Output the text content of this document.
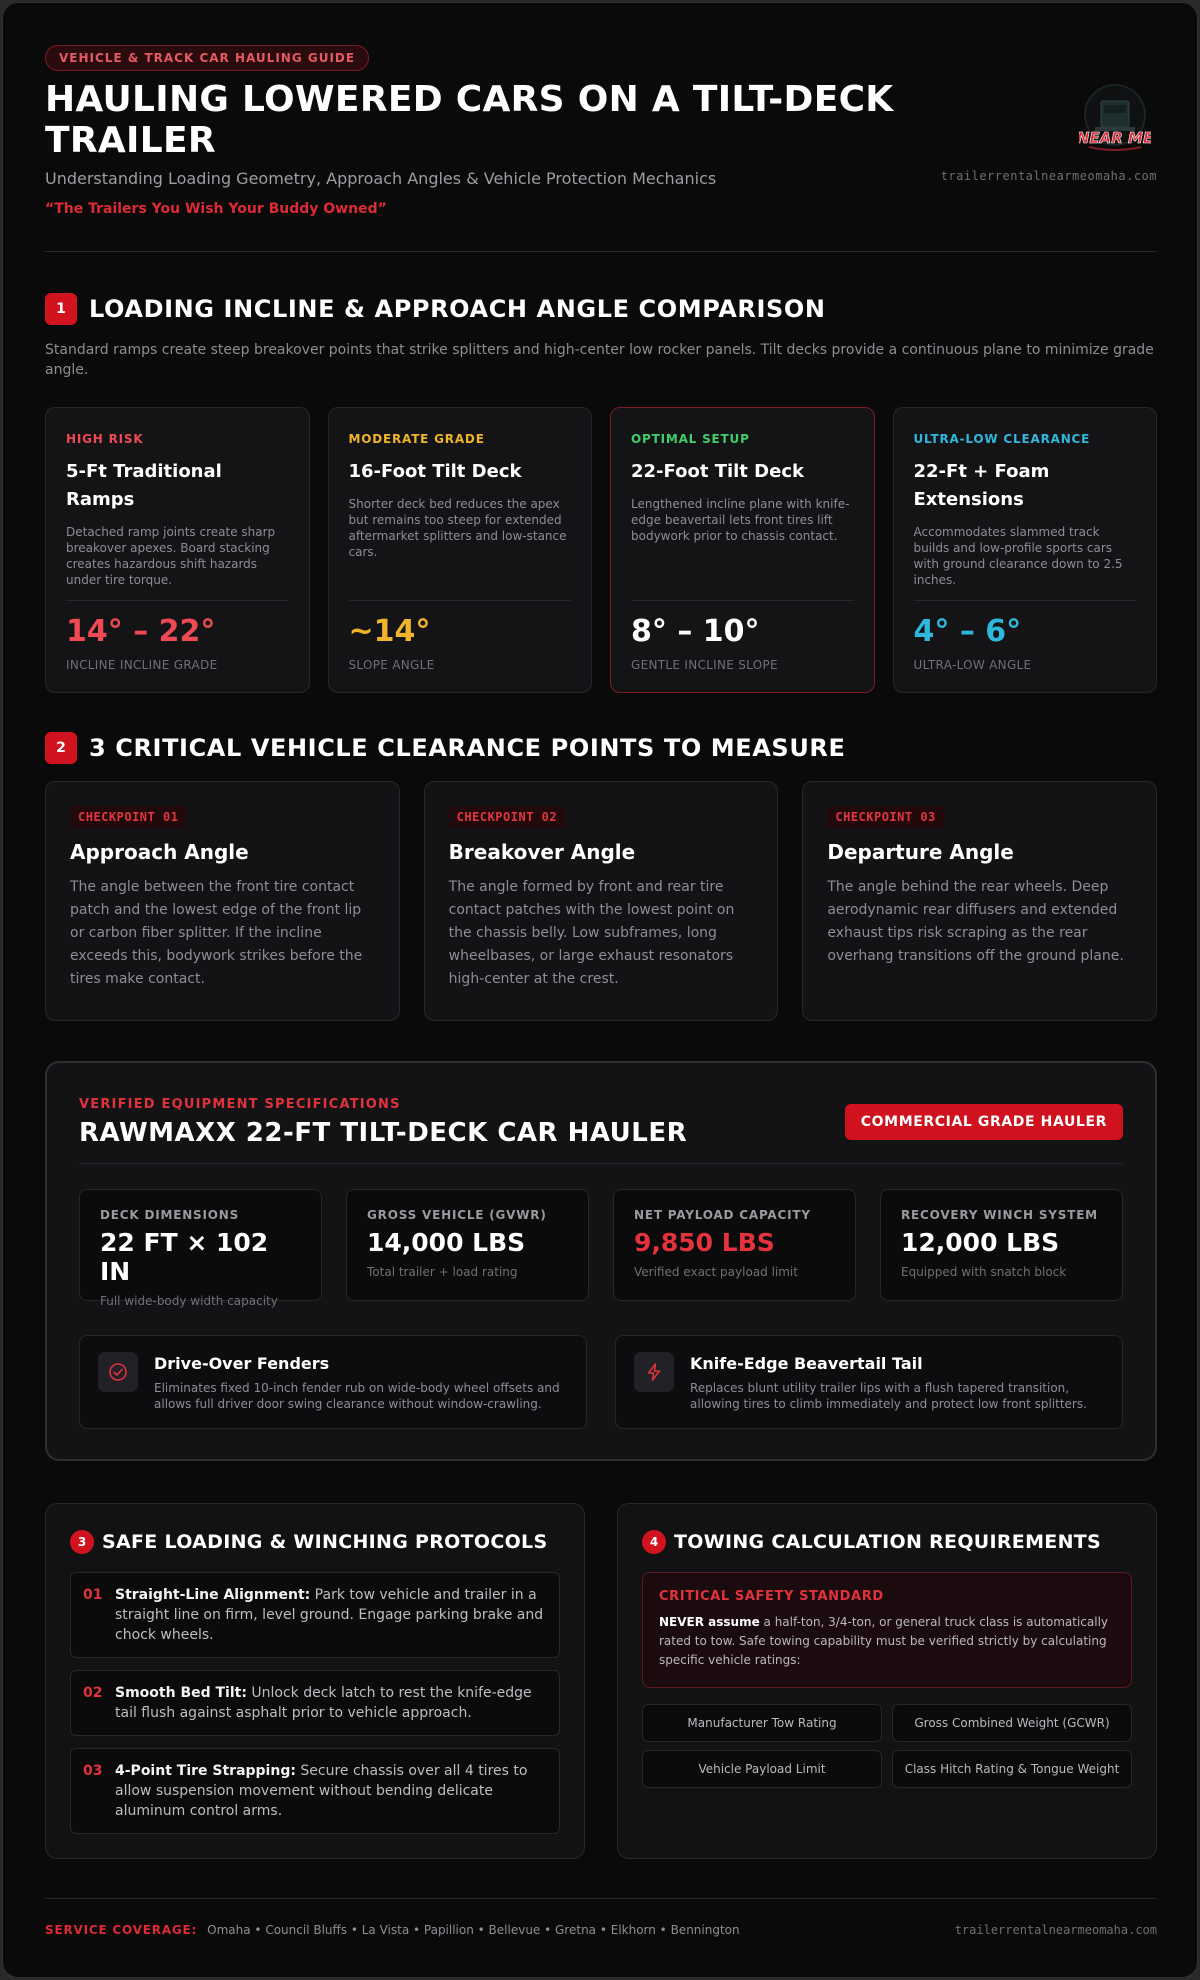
VEHICLE & TRACK CAR HAULING GUIDE
HAULING LOWERED CARS ON A TILT-DECK TRAILER
Understanding Loading Geometry, Approach Angles & Vehicle Protection Mechanics
“The Trailers You Wish Your Buddy Owned”
NEAR ME
trailerrentalnearmeomaha.com
1 LOADING INCLINE & APPROACH ANGLE COMPARISON
Standard ramps create steep breakover points that strike splitters and high-center low rocker panels. Tilt decks provide a continuous plane to minimize grade angle.
HIGH RISK
5-Ft Traditional Ramps
Detached ramp joints create sharp breakover apexes. Board stacking creates hazardous shift hazards under tire torque.
14° – 22°
INCLINE INCLINE GRADE
MODERATE GRADE
16-Foot Tilt Deck
Shorter deck bed reduces the apex but remains too steep for extended aftermarket splitters and low-stance cars.
~14°
SLOPE ANGLE
OPTIMAL SETUP
22-Foot Tilt Deck
Lengthened incline plane with knife-edge beavertail lets front tires lift bodywork prior to chassis contact.
8° – 10°
GENTLE INCLINE SLOPE
ULTRA-LOW CLEARANCE
22-Ft + Foam Extensions
Accommodates slammed track builds and low-profile sports cars with ground clearance down to 2.5 inches.
4° – 6°
ULTRA-LOW ANGLE
2 3 CRITICAL VEHICLE CLEARANCE POINTS TO MEASURE
CHECKPOINT 01
Approach Angle
The angle between the front tire contact patch and the lowest edge of the front lip or carbon fiber splitter. If the incline exceeds this, bodywork strikes before the tires make contact.
CHECKPOINT 02
Breakover Angle
The angle formed by front and rear tire contact patches with the lowest point on the chassis belly. Low subframes, long wheelbases, or large exhaust resonators high-center at the crest.
CHECKPOINT 03
Departure Angle
The angle behind the rear wheels. Deep aerodynamic rear diffusers and extended exhaust tips risk scraping as the rear overhang transitions off the ground plane.
VERIFIED EQUIPMENT SPECIFICATIONS
RAWMAXX 22-FT TILT-DECK CAR HAULER	COMMERCIAL GRADE HAULER
DECK DIMENSIONS
22 FT × 102 IN
Full wide-body width capacity
GROSS VEHICLE (GVWR)
14,000 LBS
Total trailer + load rating
NET PAYLOAD CAPACITY
9,850 LBS
Verified exact payload limit
RECOVERY WINCH SYSTEM
12,000 LBS
Equipped with snatch block
Drive-Over Fenders
Eliminates fixed 10-inch fender rub on wide-body wheel offsets and allows full driver door swing clearance without window-crawling.
Knife-Edge Beavertail Tail
Replaces blunt utility trailer lips with a flush tapered transition, allowing tires to climb immediately and protect low front splitters.
3 SAFE LOADING & WINCHING PROTOCOLS
01 Straight-Line Alignment: Park tow vehicle and trailer in a straight line on firm, level ground. Engage parking brake and chock wheels.
02 Smooth Bed Tilt: Unlock deck latch to rest the knife-edge tail flush against asphalt prior to vehicle approach.
03 4-Point Tire Strapping: Secure chassis over all 4 tires to allow suspension movement without bending delicate aluminum control arms.
4 TOWING CALCULATION REQUIREMENTS
CRITICAL SAFETY STANDARD
NEVER assume a half-ton, 3/4-ton, or general truck class is automatically rated to tow. Safe towing capability must be verified strictly by calculating specific vehicle ratings:
Manufacturer Tow Rating	Gross Combined Weight (GCWR)
Vehicle Payload Limit	Class Hitch Rating & Tongue Weight
SERVICE COVERAGE: Omaha • Council Bluffs • La Vista • Papillion • Bellevue • Gretna • Elkhorn • Bennington	trailerrentalnearmeomaha.com
